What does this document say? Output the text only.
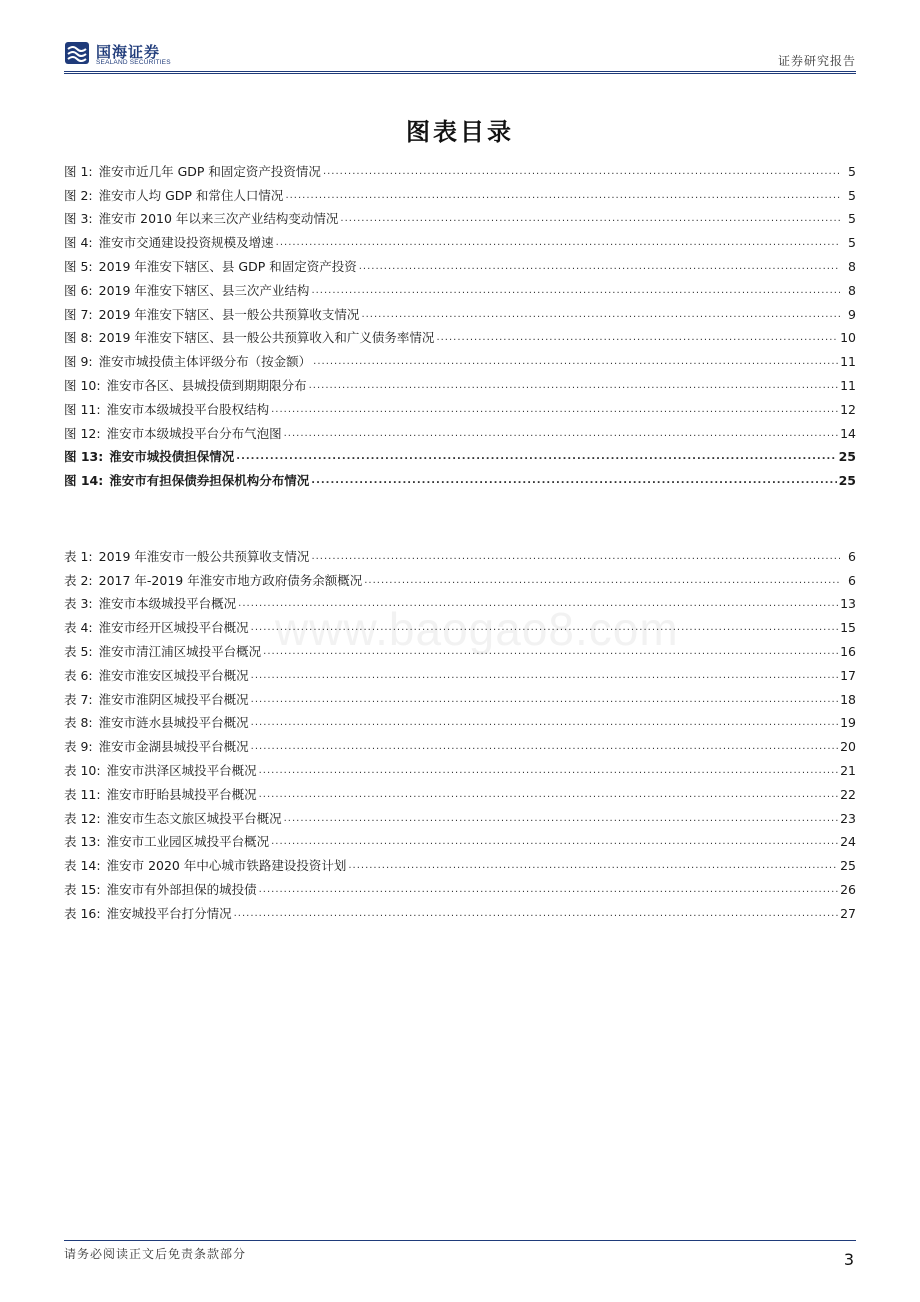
国海证券
SEALAND SECURITIES	证券研究报告
图表目录
www.baogao8.com
图 1: 淮安市近几年 GDP 和固定资产投资情况 .....	5
图 2: 淮安市人均 GDP 和常住人口情况 .....	5
图 3: 淮安市 2010 年以来三次产业结构变动情况 .....	5
图 4: 淮安市交通建设投资规模及增速 .....	5
图 5: 2019 年淮安下辖区、县 GDP 和固定资产投资 .....	8
图 6: 2019 年淮安下辖区、县三次产业结构 .....	8
图 7: 2019 年淮安下辖区、县一般公共预算收支情况 .....	9
图 8: 2019 年淮安下辖区、县一般公共预算收入和广义债务率情况 .....	10
图 9: 淮安市城投债主体评级分布（按金额） .....	11
图 10: 淮安市各区、县城投债到期期限分布 .....	11
图 11: 淮安市本级城投平台股权结构 .....	12
图 12: 淮安市本级城投平台分布气泡图 .....	14
图 13: 淮安市城投债担保情况 .....	25
图 14: 淮安市有担保债券担保机构分布情况 .....	25
表 1: 2019 年淮安市一般公共预算收支情况 .....	6
表 2: 2017 年-2019 年淮安市地方政府债务余额概况 .....	6
表 3: 淮安市本级城投平台概况 .....	13
表 4: 淮安市经开区城投平台概况 .....	15
表 5: 淮安市清江浦区城投平台概况 .....	16
表 6: 淮安市淮安区城投平台概况 .....	17
表 7: 淮安市淮阴区城投平台概况 .....	18
表 8: 淮安市涟水县城投平台概况 .....	19
表 9: 淮安市金湖县城投平台概况 .....	20
表 10: 淮安市洪泽区城投平台概况 .....	21
表 11: 淮安市盱眙县城投平台概况 .....	22
表 12: 淮安市生态文旅区城投平台概况 .....	23
表 13: 淮安市工业园区城投平台概况 .....	24
表 14: 淮安市 2020 年中心城市铁路建设投资计划 .....	25
表 15: 淮安市有外部担保的城投债 .....	26
表 16: 淮安城投平台打分情况 .....	27
请务必阅读正文后免责条款部分	3
